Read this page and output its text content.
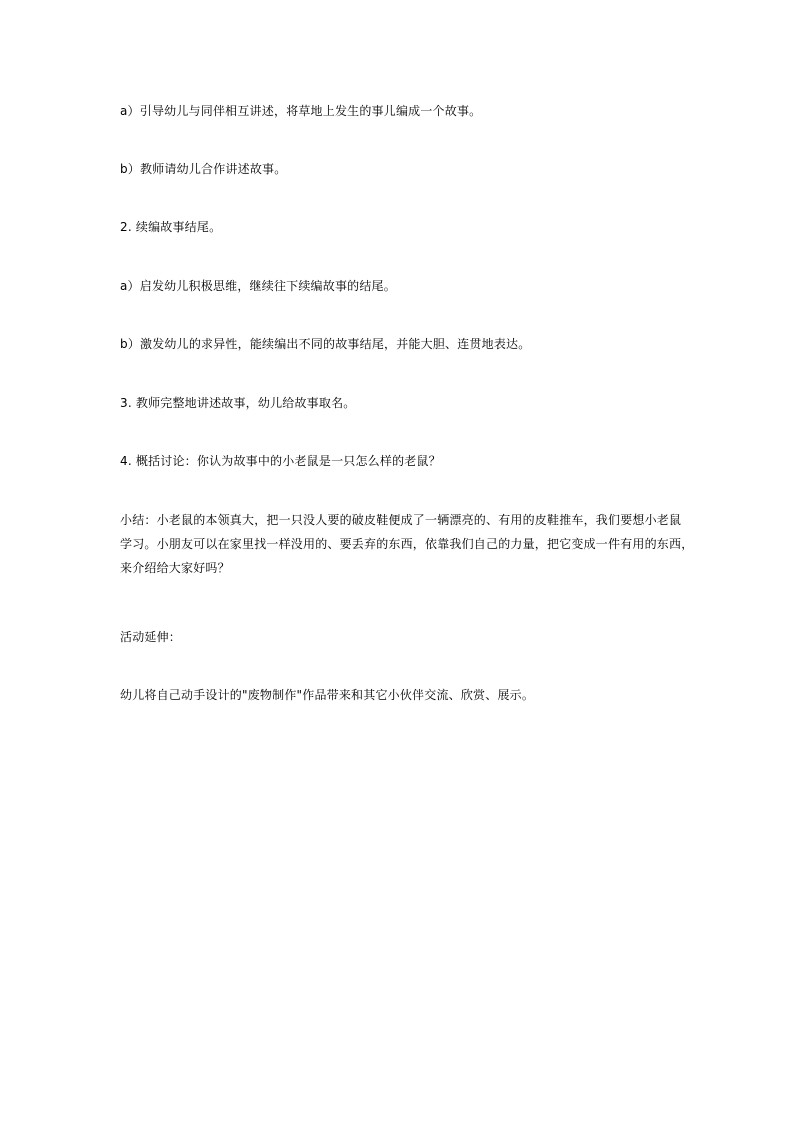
a）引导幼儿与同伴相互讲述，将草地上发生的事儿编成一个故事。

b）教师请幼儿合作讲述故事。

2. 续编故事结尾。

a）启发幼儿积极思维，继续往下续编故事的结尾。

b）激发幼儿的求异性，能续编出不同的故事结尾，并能大胆、连贯地表达。

3. 教师完整地讲述故事，幼儿给故事取名。

4. 概括讨论：你认为故事中的小老鼠是一只怎么样的老鼠？

小结：小老鼠的本领真大，把一只没人要的破皮鞋便成了一辆漂亮的、有用的皮鞋推车，我们要想小老鼠
学习。小朋友可以在家里找一样没用的、要丢弃的东西，依靠我们自己的力量，把它变成一件有用的东西，
来介绍给大家好吗？

活动延伸：

幼儿将自己动手设计的"废物制作"作品带来和其它小伙伴交流、欣赏、展示。
